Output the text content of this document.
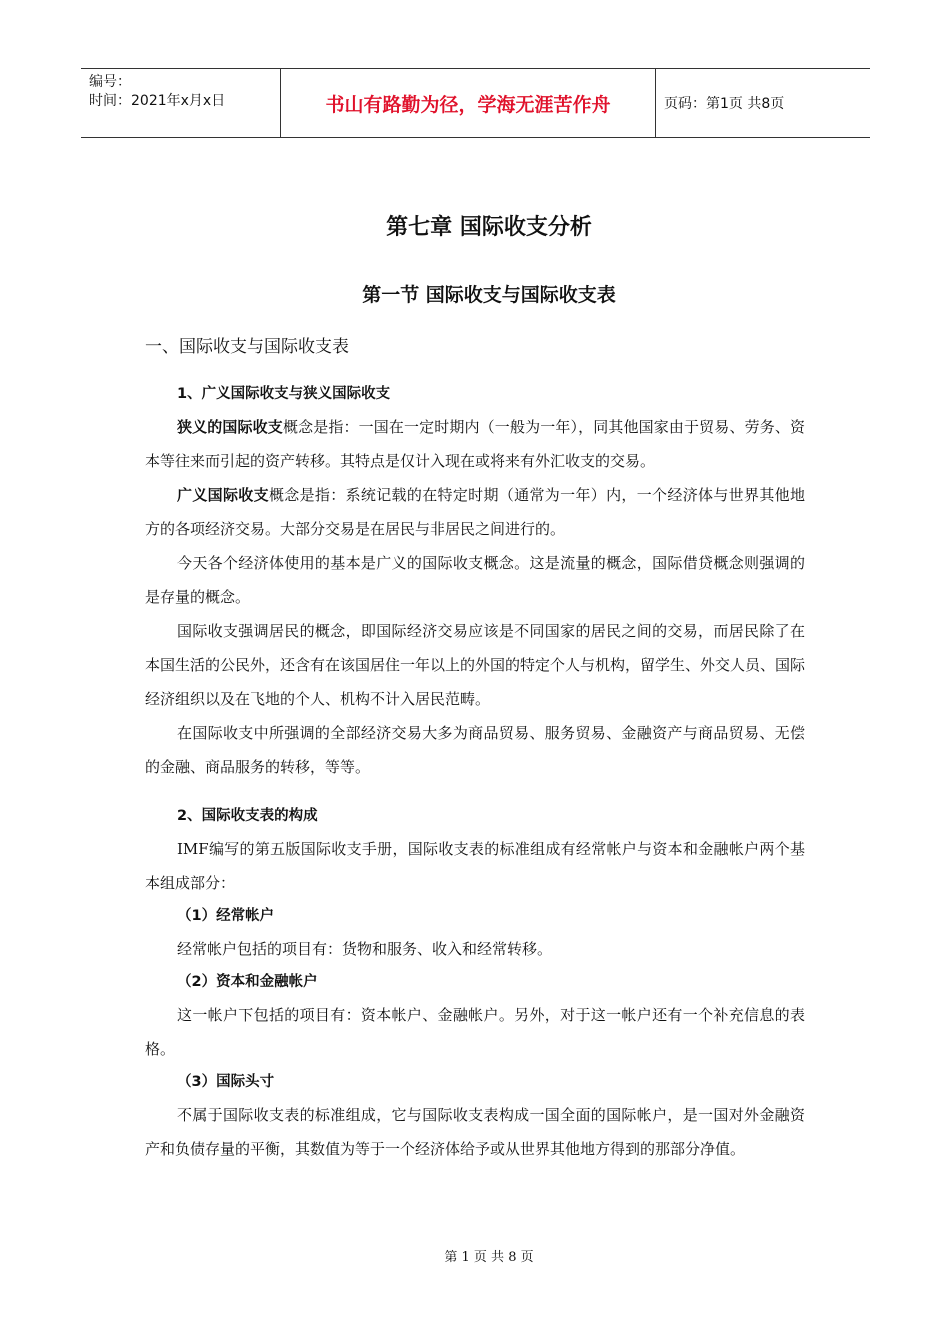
编号：
时间：2021年x月x日	书山有路勤为径，学海无涯苦作舟	页码：第1页 共8页
第七章 国际收支分析
第一节 国际收支与国际收支表
一、国际收支与国际收支表
1、广义国际收支与狭义国际收支

狭义的国际收支概念是指：一国在一定时期内（一般为一年），同其他国家由于贸易、劳务、资本等往来而引起的资产转移。其特点是仅计入现在或将来有外汇收支的交易。

广义国际收支概念是指：系统记载的在特定时期（通常为一年）内，一个经济体与世界其他地方的各项经济交易。大部分交易是在居民与非居民之间进行的。

今天各个经济体使用的基本是广义的国际收支概念。这是流量的概念，国际借贷概念则强调的是存量的概念。

国际收支强调居民的概念，即国际经济交易应该是不同国家的居民之间的交易，而居民除了在本国生活的公民外，还含有在该国居住一年以上的外国的特定个人与机构，留学生、外交人员、国际经济组织以及在飞地的个人、机构不计入居民范畴。

在国际收支中所强调的全部经济交易大多为商品贸易、服务贸易、金融资产与商品贸易、无偿的金融、商品服务的转移，等等。

2、国际收支表的构成

IMF编写的第五版国际收支手册，国际收支表的标准组成有经常帐户与资本和金融帐户两个基本组成部分：

（1）经常帐户

经常帐户包括的项目有：货物和服务、收入和经常转移。

（2）资本和金融帐户

这一帐户下包括的项目有：资本帐户、金融帐户。另外，对于这一帐户还有一个补充信息的表格。

（3）国际头寸

不属于国际收支表的标准组成，它与国际收支表构成一国全面的国际帐户，是一国对外金融资产和负债存量的平衡，其数值为等于一个经济体给予或从世界其他地方得到的那部分净值。

第 1 页 共 8 页
